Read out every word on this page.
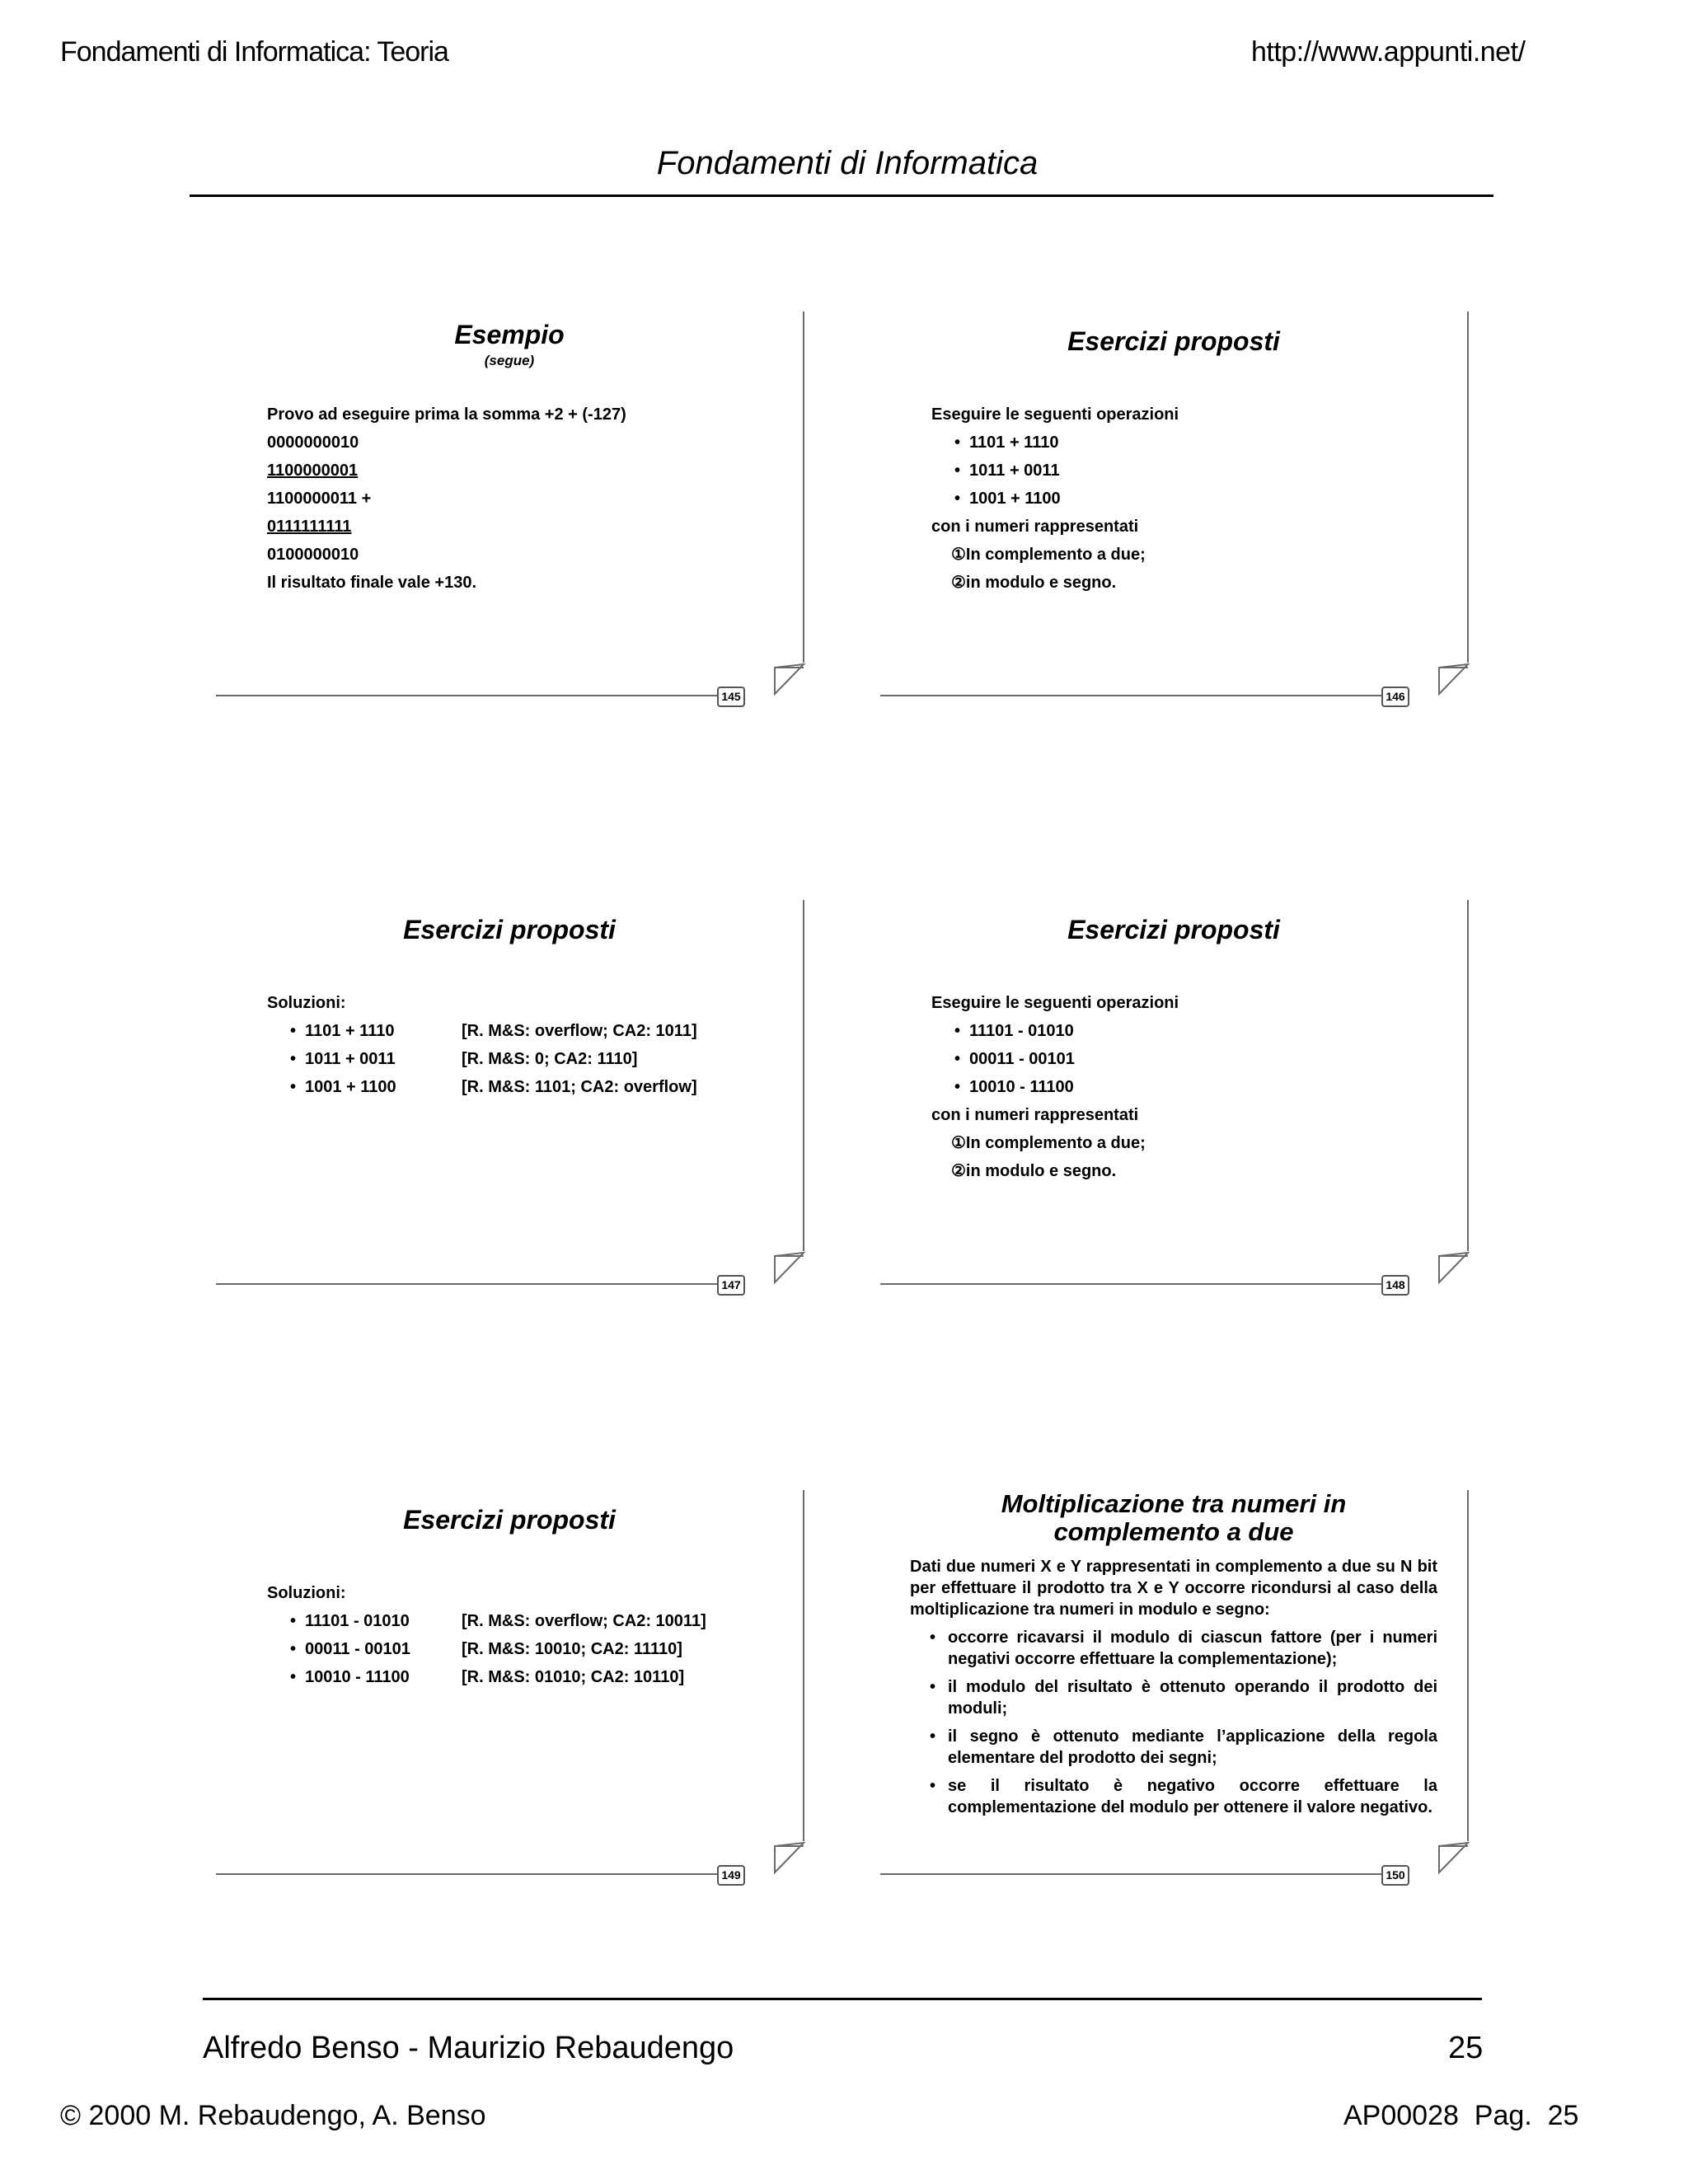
Fondamenti di Informatica: Teoria	http://www.appunti.net/
Fondamenti di Informatica
145
Esempio
(segue)
Provo ad eseguire prima la somma +2 + (-127)
0000000010
1100000001
1100000011 +
0111111111
0100000010
Il risultato finale vale +130.
146
Esercizi proposti
Eseguire le seguenti operazioni
• 1101 + 1110
• 1011 + 0011
• 1001 + 1100
con i numeri rappresentati
①In complemento a due;
②in modulo e segno.
147
Esercizi proposti
Soluzioni:
• 1101 + 1110	[R. M&S: overflow; CA2: 1011]
• 1011 + 0011	[R. M&S: 0; CA2: 1110]
• 1001 + 1100	[R. M&S: 1101; CA2: overflow]
148
Esercizi proposti
Eseguire le seguenti operazioni
• 11101 - 01010
• 00011 - 00101
• 10010 - 11100
con i numeri rappresentati
①In complemento a due;
②in modulo e segno.
149
Esercizi proposti
Soluzioni:
• 11101 - 01010	[R. M&S: overflow; CA2: 10011]
• 00011 - 00101	[R. M&S: 10010; CA2: 11110]
• 10010 - 11100	[R. M&S: 01010; CA2: 10110]
150
Moltiplicazione tra numeri in
complemento a due

Dati due numeri X e Y rappresentati in complemento a due su N bit per effettuare il prodotto tra X e Y occorre ricondursi al caso della moltiplicazione tra numeri in modulo e segno:

• occorre ricavarsi il modulo di ciascun fattore (per i numeri negativi occorre effettuare la complementazione);
• il modulo del risultato è ottenuto operando il prodotto dei moduli;
• il segno è ottenuto mediante l’applicazione della regola elementare del prodotto dei segni;
• se il risultato è negativo occorre effettuare la complementazione del modulo per ottenere il valore negativo.
Alfredo Benso - Maurizio Rebaudengo	25
© 2000 M. Rebaudengo, A. Benso	AP00028  Pag.  25
